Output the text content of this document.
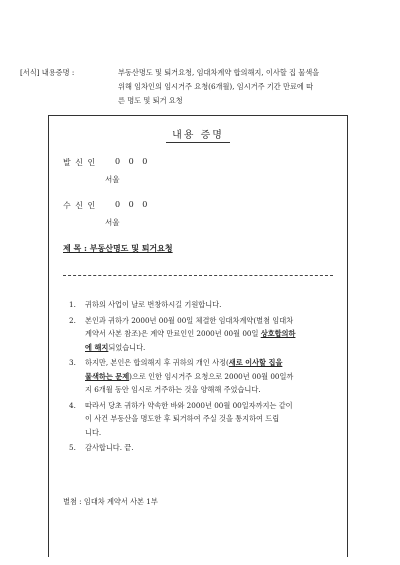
[서식] 내용증명 :	부동산명도 및 퇴거요청, 임대차계약 합의해지, 이사할 집 물색을
위해 임차인의 임시거주 요청(6개월), 임시거주 기간 만료에 따
른 명도 및 퇴거 요청
내용 증명
발 신 인 0 0 0
서울
수 신 인 0 0 0
서울
제 목 : 부동산명도 및 퇴거요청
1. 귀하의 사업이 날로 번창하시길 기원합니다.
2. 본인과 귀하가 2000년 00월 00일 체결한 임대차계약(별첨 임대차
계약서 사본 참조)은 계약 만료인인 2000년 00월 00일 상호합의하
에 해지되었습니다.
3. 하지만, 본인은 합의해지 후 귀하의 개인 사정(새로 이사할 집을
물색하는 문제)으로 인한 임시거주 요청으로 2000년 00월 00일까
지 6개월 동안 임시로 거주하는 것을 양해해 주었습니다.
4. 따라서 당초 귀하가 약속한 바와 2000년 00월 00일자까지는 같이
이 사건 부동산을 명도한 후 퇴거하여 주실 것을 통지하여 드립
니다.
5. 감사합니다. 끝.
별첨 : 임대차 계약서 사본 1부
